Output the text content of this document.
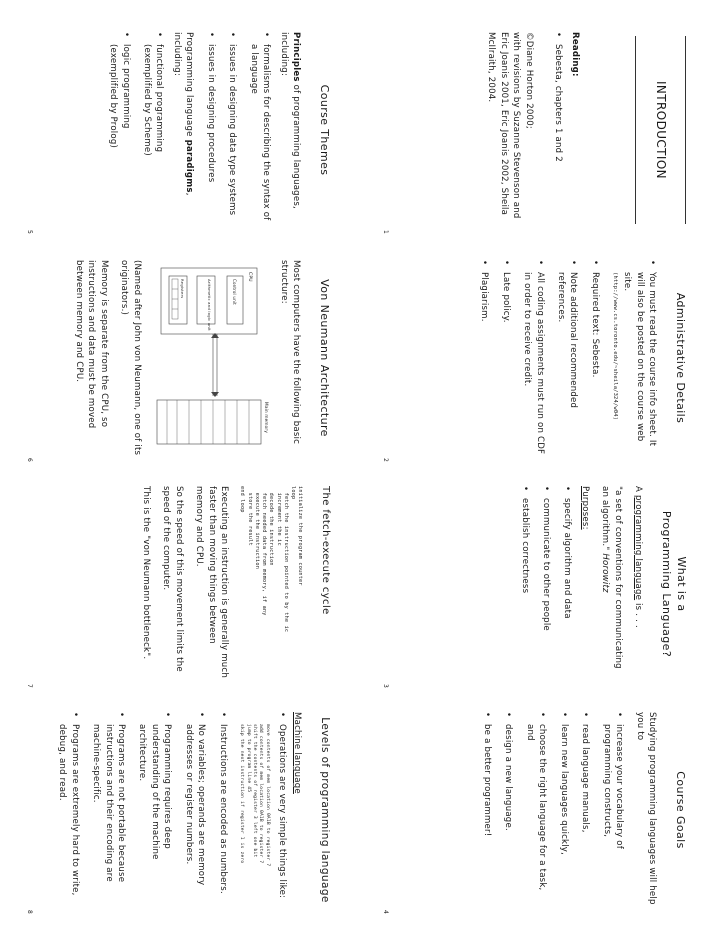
INTRODUCTION
Reading:
• Sebesta, chapters 1 and 2
©Diane Horton 2000;
with revisions by Suzanne Stevenson and Eric Joanis 2001, Eric Joanis 2002, Sheila McIlraith, 2004.
1
Administrative Details
• You must read the course info sheet. It will also be posted on the course web site.
(http://www.cs.toronto.edu/~sheila/324/w04)
• Required text: Sebesta.
• Note additional recommended references.
• All coding assignments must run on CDF in order to receive credit.
• Late policy.
• Plagiarism.
2
What is a
Programming Language?
A programming language is . . .
"a set of conventions for communicating an algorithm." Horowitz
Purposes:
• specify algorithm and data
• communicate to other people
• establish correctness
3
Course Goals
Studying programming languages will help you to
• increase your vocabulary of programming constructs,
• read language manuals,
• learn new languages quickly,
• choose the right language for a task, and
• design a new language.
• be a better programmer!
4
Course Themes
Principles of programming languages, including:
• formalisms for describing the syntax of a language
• issues in designing data type systems
• issues in designing procedures
Programming language paradigms, including:
• functional programming
(exemplified by Scheme)
• logic programming
(exemplified by Prolog)
5
Von Neumann Architecture
Most computers have the following basic structure:
CPU
Control unit
Arithmetic and logic unit
Registers
Main memory
(Named after John von Neumann, one of its originators.)
Memory is separate from the CPU, so instructions and data must be moved between memory and CPU.
6
The fetch-execute cycle
initialize the program counter
loop
fetch the instruction pointed to by the ic
increment the ic
decode the instruction
fetch needed data from memory, if any
execute the instruction
store the result
end loop
Executing an instruction is generally much faster than moving things between memory and CPU.
So the speed of this movement limits the speed of the computer.
This is the "von Neumann bottleneck".
7
Levels of programming language
Machine language
• Operations are very simple things like:
move contents of mem location 0A1B to register 7
add contents of mem location 0A1B to register 7
shift the contents of register 3 left one bit
jump to program line 45
skip the next instruction if register 1 is zero
• Instructions are encoded as numbers.
• No variables; operands are memory addresses or register numbers.
• Programming requires deep understanding of the machine architecture.
• Programs are not portable because instructions and their encoding are machine-specific.
• Programs are extremely hard to write, debug, and read.
8
